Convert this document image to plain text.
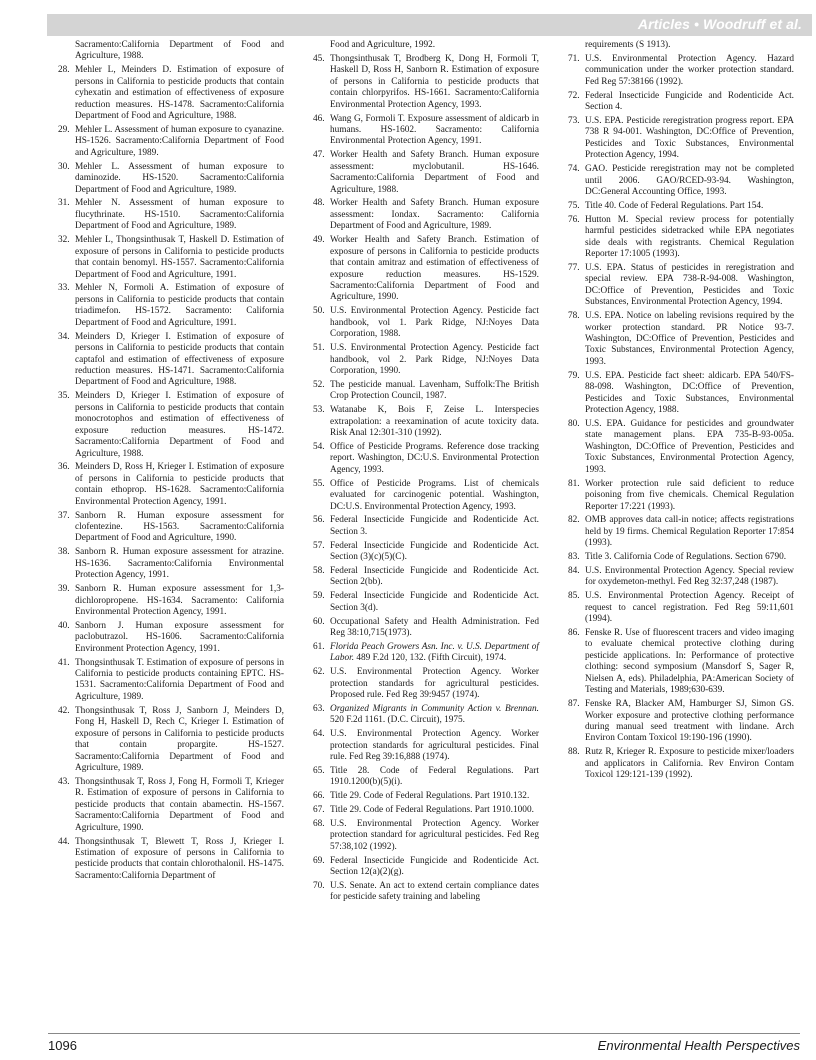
Articles • Woodruff et al.
Sacramento:California Department of Food and Agriculture, 1988.
28. Mehler L, Meinders D. Estimation of exposure of persons in California to pesticide products that contain cyhexatin and estimation of effectiveness of exposure reduction measures. HS-1478. Sacramento:California Department of Food and Agriculture, 1988.
29. Mehler L. Assessment of human exposure to cyanazine. HS-1526. Sacramento:California Department of Food and Agriculture, 1989.
30. Mehler L. Assessment of human exposure to daminozide. HS-1520. Sacramento:California Department of Food and Agriculture, 1989.
31. Mehler N. Assessment of human exposure to flucythrinate. HS-1510. Sacramento:California Department of Food and Agriculture, 1989.
32. Mehler L, Thongsinthusak T, Haskell D. Estimation of exposure of persons in California to pesticide products that contain benomyl. HS-1557. Sacramento:California Department of Food and Agriculture, 1991.
33. Mehler N, Formoli A. Estimation of exposure of persons in California to pesticide products that contain triadimefon. HS-1572. Sacramento: California Department of Food and Agriculture, 1991.
34. Meinders D, Krieger I. Estimation of exposure of persons in California to pesticide products that contain captafol and estimation of effectiveness of exposure reduction measures. HS-1471. Sacramento:California Department of Food and Agriculture, 1988.
35. Meinders D, Krieger I. Estimation of exposure of persons in California to pesticide products that contain monocrotophos and estimation of effectiveness of exposure reduction measures. HS-1472. Sacramento:California Department of Food and Agriculture, 1988.
36. Meinders D, Ross H, Krieger I. Estimation of exposure of persons in California to pesticide products that contain ethoprop. HS-1628. Sacramento:California Environmental Protection Agency, 1991.
37. Sanborn R. Human exposure assessment for clofentezine. HS-1563. Sacramento:California Department of Food and Agriculture, 1990.
38. Sanborn R. Human exposure assessment for atrazine. HS-1636. Sacramento:California Environmental Protection Agency, 1991.
39. Sanborn R. Human exposure assessment for 1,3-dichloropropene. HS-1634. Sacramento: California Environmental Protection Agency, 1991.
40. Sanborn J. Human exposure assessment for paclobutrazol. HS-1606. Sacramento:California Environment Protection Agency, 1991.
41. Thongsinthusak T. Estimation of exposure of persons in California to pesticide products containing EPTC. HS-1531. Sacramento:California Department of Food and Agriculture, 1989.
42. Thongsinthusak T, Ross J, Sanborn J, Meinders D, Fong H, Haskell D, Rech C, Krieger I. Estimation of exposure of persons in California to pesticide products that contain propargite. HS-1527. Sacramento:California Department of Food and Agriculture, 1989.
43. Thongsinthusak T, Ross J, Fong H, Formoli T, Krieger R. Estimation of exposure of persons in California to pesticide products that contain abamectin. HS-1567. Sacramento:California Department of Food and Agriculture, 1990.
44. Thongsinthusak T, Blewett T, Ross J, Krieger I. Estimation of exposure of persons in California to pesticide products that contain chlorothalonil. HS-1475. Sacramento:California Department of
Food and Agriculture, 1992.
45. Thongsinthusak T, Brodberg K, Dong H, Formoli T, Haskell D, Ross H, Sanborn R. Estimation of exposure of persons in California to pesticide products that contain chlorpyrifos. HS-1661. Sacramento:California Environmental Protection Agency, 1993.
46. Wang G, Formoli T. Exposure assessment of aldicarb in humans. HS-1602. Sacramento: California Environmental Protection Agency, 1991.
47. Worker Health and Safety Branch. Human exposure assessment: myclobutanil. HS-1646. Sacramento:California Department of Food and Agriculture, 1988.
48. Worker Health and Safety Branch. Human exposure assessment: Iondax. Sacramento: California Department of Food and Agriculture, 1989.
49. Worker Health and Safety Branch. Estimation of exposure of persons in California to pesticide products that contain amitraz and estimation of effectiveness of exposure reduction measures. HS-1529. Sacramento:California Department of Food and Agriculture, 1990.
50. U.S. Environmental Protection Agency. Pesticide fact handbook, vol 1. Park Ridge, NJ:Noyes Data Corporation, 1988.
51. U.S. Environmental Protection Agency. Pesticide fact handbook, vol 2. Park Ridge, NJ:Noyes Data Corporation, 1990.
52. The pesticide manual. Lavenham, Suffolk:The British Crop Protection Council, 1987.
53. Watanabe K, Bois F, Zeise L. Interspecies extrapolation: a reexamination of acute toxicity data. Risk Anal 12:301-310 (1992).
54. Office of Pesticide Programs. Reference dose tracking report. Washington, DC:U.S. Environmental Protection Agency, 1993.
55. Office of Pesticide Programs. List of chemicals evaluated for carcinogenic potential. Washington, DC:U.S. Environmental Protection Agency, 1993.
56. Federal Insecticide Fungicide and Rodenticide Act. Section 3.
57. Federal Insecticide Fungicide and Rodenticide Act. Section (3)(c)(5)(C).
58. Federal Insecticide Fungicide and Rodenticide Act. Section 2(bb).
59. Federal Insecticide Fungicide and Rodenticide Act. Section 3(d).
60. Occupational Safety and Health Administration. Fed Reg 38:10,715(1973).
61. Florida Peach Growers Asn. Inc. v. U.S. Department of Labor. 489 F.2d 120, 132. (Fifth Circuit), 1974.
62. U.S. Environmental Protection Agency. Worker protection standards for agricultural pesticides. Proposed rule. Fed Reg 39:9457 (1974).
63. Organized Migrants in Community Action v. Brennan. 520 F.2d 1161. (D.C. Circuit), 1975.
64. U.S. Environmental Protection Agency. Worker protection standards for agricultural pesticides. Final rule. Fed Reg 39:16,888 (1974).
65. Title 28. Code of Federal Regulations. Part 1910.1200(b)(5)(i).
66. Title 29. Code of Federal Regulations. Part 1910.132.
67. Title 29. Code of Federal Regulations. Part 1910.1000.
68. U.S. Environmental Protection Agency. Worker protection standard for agricultural pesticides. Fed Reg 57:38,102 (1992).
69. Federal Insecticide Fungicide and Rodenticide Act. Section 12(a)(2)(g).
70. U.S. Senate. An act to extend certain compliance dates for pesticide safety training and labeling
requirements (S 1913).
71. U.S. Environmental Protection Agency. Hazard communication under the worker protection standard. Fed Reg 57:38166 (1992).
72. Federal Insecticide Fungicide and Rodenticide Act. Section 4.
73. U.S. EPA. Pesticide reregistration progress report. EPA 738 R 94-001. Washington, DC:Office of Prevention, Pesticides and Toxic Substances, Environmental Protection Agency, 1994.
74. GAO. Pesticide reregistration may not be completed until 2006. GAO/RCED-93-94. Washington, DC:General Accounting Office, 1993.
75. Title 40. Code of Federal Regulations. Part 154.
76. Hutton M. Special review process for potentially harmful pesticides sidetracked while EPA negotiates side deals with registrants. Chemical Regulation Reporter 17:1005 (1993).
77. U.S. EPA. Status of pesticides in reregistration and special review. EPA 738-R-94-008. Washington, DC:Office of Prevention, Pesticides and Toxic Substances, Environmental Protection Agency, 1994.
78. U.S. EPA. Notice on labeling revisions required by the worker protection standard. PR Notice 93-7. Washington, DC:Office of Prevention, Pesticides and Toxic Substances, Environmental Protection Agency, 1993.
79. U.S. EPA. Pesticide fact sheet: aldicarb. EPA 540/FS-88-098. Washington, DC:Office of Prevention, Pesticides and Toxic Substances, Environmental Protection Agency, 1988.
80. U.S. EPA. Guidance for pesticides and groundwater state management plans. EPA 735-B-93-005a. Washington, DC:Office of Prevention, Pesticides and Toxic Substances, Environmental Protection Agency, 1993.
81. Worker protection rule said deficient to reduce poisoning from five chemicals. Chemical Regulation Reporter 17:221 (1993).
82. OMB approves data call-in notice; affects registrations held by 19 firms. Chemical Regulation Reporter 17:854 (1993).
83. Title 3. California Code of Regulations. Section 6790.
84. U.S. Environmental Protection Agency. Special review for oxydemeton-methyl. Fed Reg 32:37,248 (1987).
85. U.S. Environmental Protection Agency. Receipt of request to cancel registration. Fed Reg 59:11,601 (1994).
86. Fenske R. Use of fluorescent tracers and video imaging to evaluate chemical protective clothing during pesticide applications. In: Performance of protective clothing: second symposium (Mansdorf S, Sager R, Nielsen A, eds). Philadelphia, PA:American Society of Testing and Materials, 1989;630-639.
87. Fenske RA, Blacker AM, Hamburger SJ, Simon GS. Worker exposure and protective clothing performance during manual seed treatment with lindane. Arch Environ Contam Toxicol 19:190-196 (1990).
88. Rutz R, Krieger R. Exposure to pesticide mixer/loaders and applicators in California. Rev Environ Contam Toxicol 129:121-139 (1992).
1096	Environmental Health Perspectives
